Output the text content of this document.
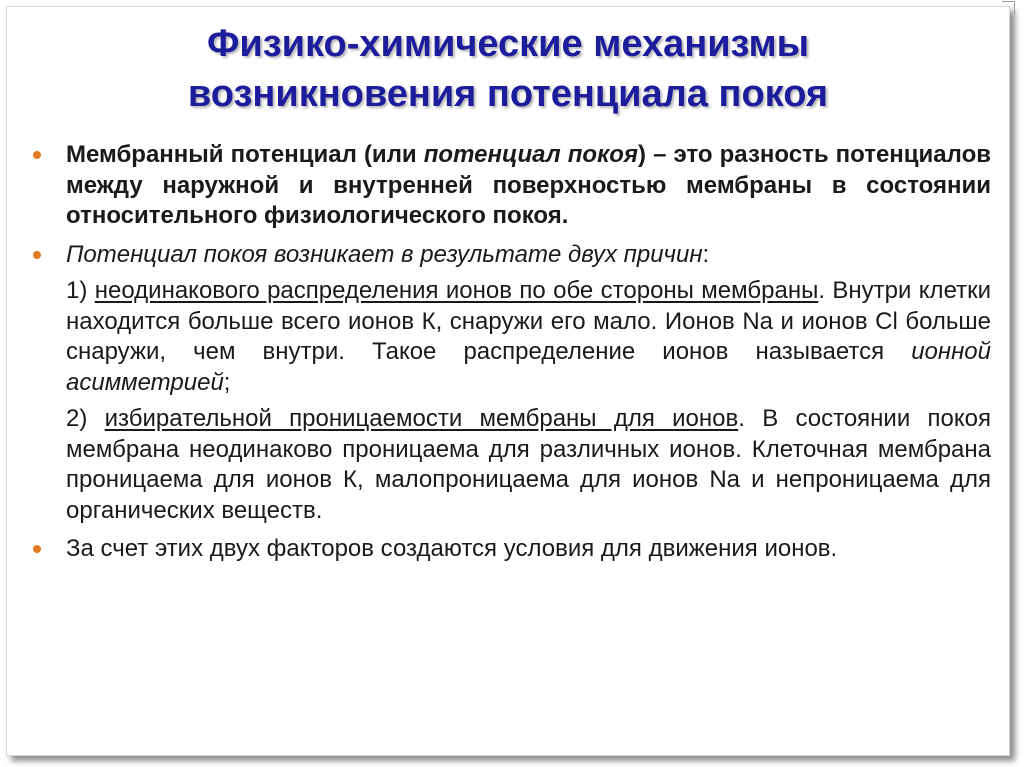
Физико-химические механизмы
возникновения потенциала покоя

Мембранный потенциал (или потенциал покоя) – это разность потенциалов между наружной и внутренней поверхностью мембраны в состоянии относительного физиологического покоя.

Потенциал покоя возникает в результате двух причин:

1) неодинакового распределения ионов по обе стороны мембраны. Внутри клетки находится больше всего ионов К, снаружи его мало. Ионов Na и ионов Cl больше снаружи, чем внутри. Такое распределение ионов называется ионной асимметрией;

2) избирательной проницаемости мембраны для ионов. В состоянии покоя мембрана неодинаково проницаема для различных ионов. Клеточная мембрана проницаема для ионов К, малопроницаема для ионов Na и непроницаема для органических веществ.

За счет этих двух факторов создаются условия для движения ионов.
